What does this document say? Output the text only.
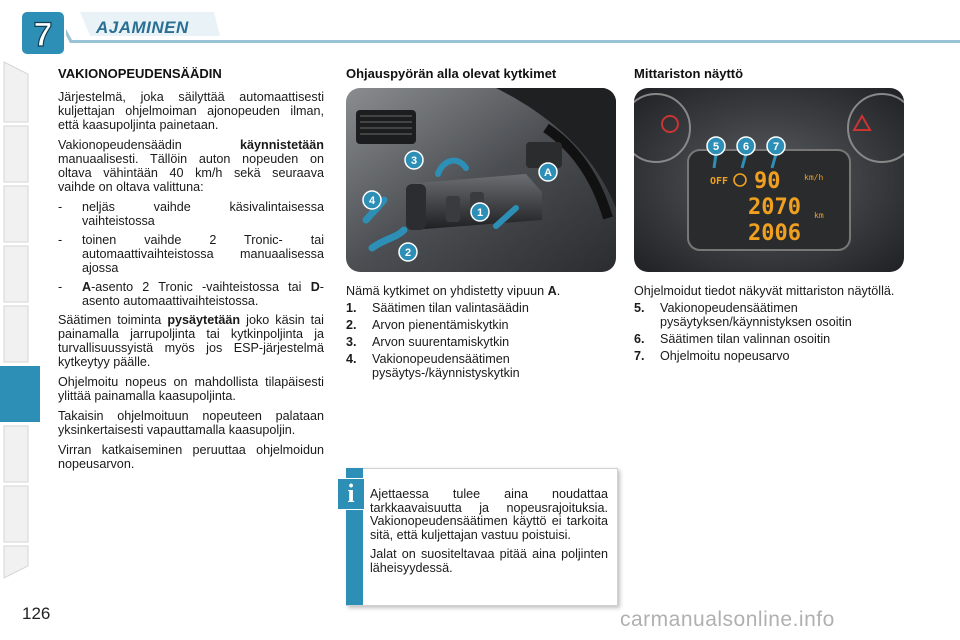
7	AJAMINEN
VAKIONOPEUDENSÄÄDIN

Järjestelmä, joka säilyttää automaattisesti kuljettajan ohjelmoiman ajonopeuden ilman, että kaasupoljinta painetaan.

Vakionopeudensäädin käynnistetään manuaalisesti. Tällöin auton nopeuden on oltava vähintään 40 km/h sekä seuraava vaihde on oltava valittuna:

-	neljäs vaihde käsivalintaisessa vaihteistossa
-	toinen vaihde 2 Tronic- tai automaattivaihteistossa manuaalisessa ajossa
-	A-asento 2 Tronic -vaihteistossa tai D-asento automaattivaihteistossa.

Säätimen toiminta pysäytetään joko käsin tai painamalla jarrupoljinta tai kytkinpoljinta ja turvallisuussyistä myös jos ESP-järjestelmä kytkeytyy päälle.

Ohjelmoitu nopeus on mahdollista tilapäisesti ylittää painamalla kaasupoljinta.

Takaisin ohjelmoituun nopeuteen palataan yksinkertaisesti vapauttamalla kaasupoljin.

Virran katkaiseminen peruuttaa ohjelmoidun nopeusarvon.

Ohjauspyörän alla olevat kytkimet
3
4
1
2
A

Nämä kytkimet on yhdistetty vipuun A.

1.	Säätimen tilan valintasäädin
2.	Arvon pienentämiskytkin
3.	Arvon suurentamiskytkin
4.	Vakionopeudensäätimen pysäytys-/käynnistyskytkin
Mittariston näyttö
OFF 90	km/h
2070
2006
km
5 6 7

Ohjelmoidut tiedot näkyvät mittariston näytöllä.

5.	Vakionopeudensäätimen pysäytyksen/käynnistyksen osoitin
6.	Säätimen tilan valinnan osoitin
7.	Ohjelmoitu nopeusarvo
i	Ajettaessa tulee aina noudattaa tarkkaavaisuutta ja nopeusrajoituksia. Vakionopeudensäätimen käyttö ei tarkoita sitä, että kuljettajan vastuu poistuisi.

Jalat on suositeltavaa pitää aina poljinten läheisyydessä.

126	carmanualsonline.info
